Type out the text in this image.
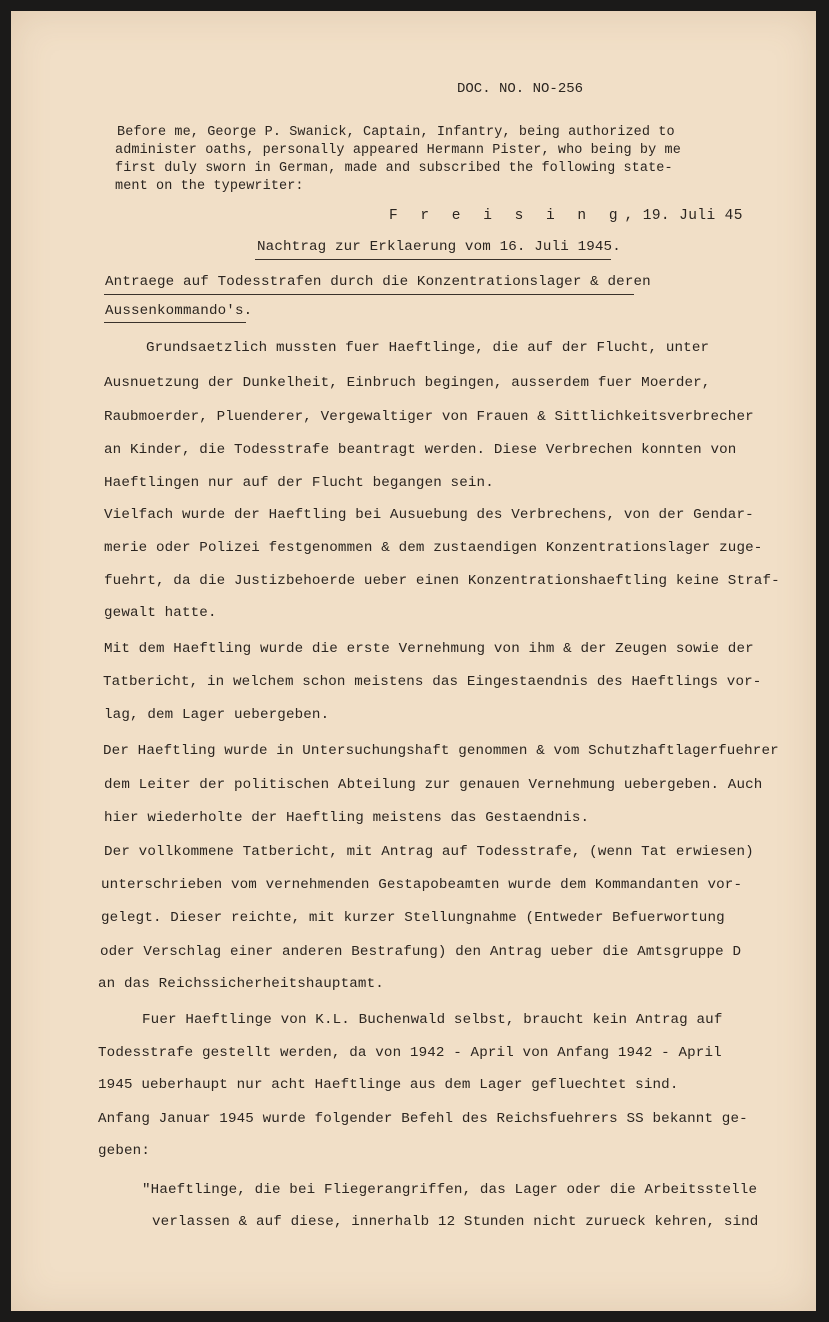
DOC. NO. NO-256

Before me, George P. Swanick, Captain, Infantry, being authorized to

administer oaths, personally appeared Hermann Pister, who being by me

first duly sworn in German, made and subscribed the following state-

ment on the typewriter:

F r e i s i n g, 19. Juli 45

Nachtrag zur Erklaerung vom 16. Juli 1945.

Antraege auf Todesstrafen durch die Konzentrationslager & deren

Aussenkommando's.

Grundsaetzlich mussten fuer Haeftlinge, die auf der Flucht, unter

Ausnuetzung der Dunkelheit, Einbruch begingen, ausserdem fuer Moerder,

Raubmoerder, Pluenderer, Vergewaltiger von Frauen & Sittlichkeitsverbrecher

an Kinder, die Todesstrafe beantragt werden. Diese Verbrechen konnten von

Haeftlingen nur auf der Flucht begangen sein.

Vielfach wurde der Haeftling bei Ausuebung des Verbrechens, von der Gendar-

merie oder Polizei festgenommen & dem zustaendigen Konzentrationslager zuge-

fuehrt, da die Justizbehoerde ueber einen Konzentrationshaeftling keine Straf-

gewalt hatte.

Mit dem Haeftling wurde die erste Vernehmung von ihm & der Zeugen sowie der

Tatbericht, in welchem schon meistens das Eingestaendnis des Haeftlings vor-

lag, dem Lager uebergeben.

Der Haeftling wurde in Untersuchungshaft genommen & vom Schutzhaftlagerfuehrer

dem Leiter der politischen Abteilung zur genauen Vernehmung uebergeben. Auch

hier wiederholte der Haeftling meistens das Gestaendnis.

Der vollkommene Tatbericht, mit Antrag auf Todesstrafe, (wenn Tat erwiesen)

unterschrieben vom vernehmenden Gestapobeamten wurde dem Kommandanten vor-

gelegt. Dieser reichte, mit kurzer Stellungnahme (Entweder Befuerwortung

oder Verschlag einer anderen Bestrafung) den Antrag ueber die Amtsgruppe D

an das Reichssicherheitshauptamt.

Fuer Haeftlinge von K.L. Buchenwald selbst, braucht kein Antrag auf

Todesstrafe gestellt werden, da von 1942 - April von Anfang 1942 - April

1945 ueberhaupt nur acht Haeftlinge aus dem Lager gefluechtet sind.

Anfang Januar 1945 wurde folgender Befehl des Reichsfuehrers SS bekannt ge-

geben:

"Haeftlinge, die bei Fliegerangriffen, das Lager oder die Arbeitsstelle

verlassen & auf diese, innerhalb 12 Stunden nicht zurueck kehren, sind
